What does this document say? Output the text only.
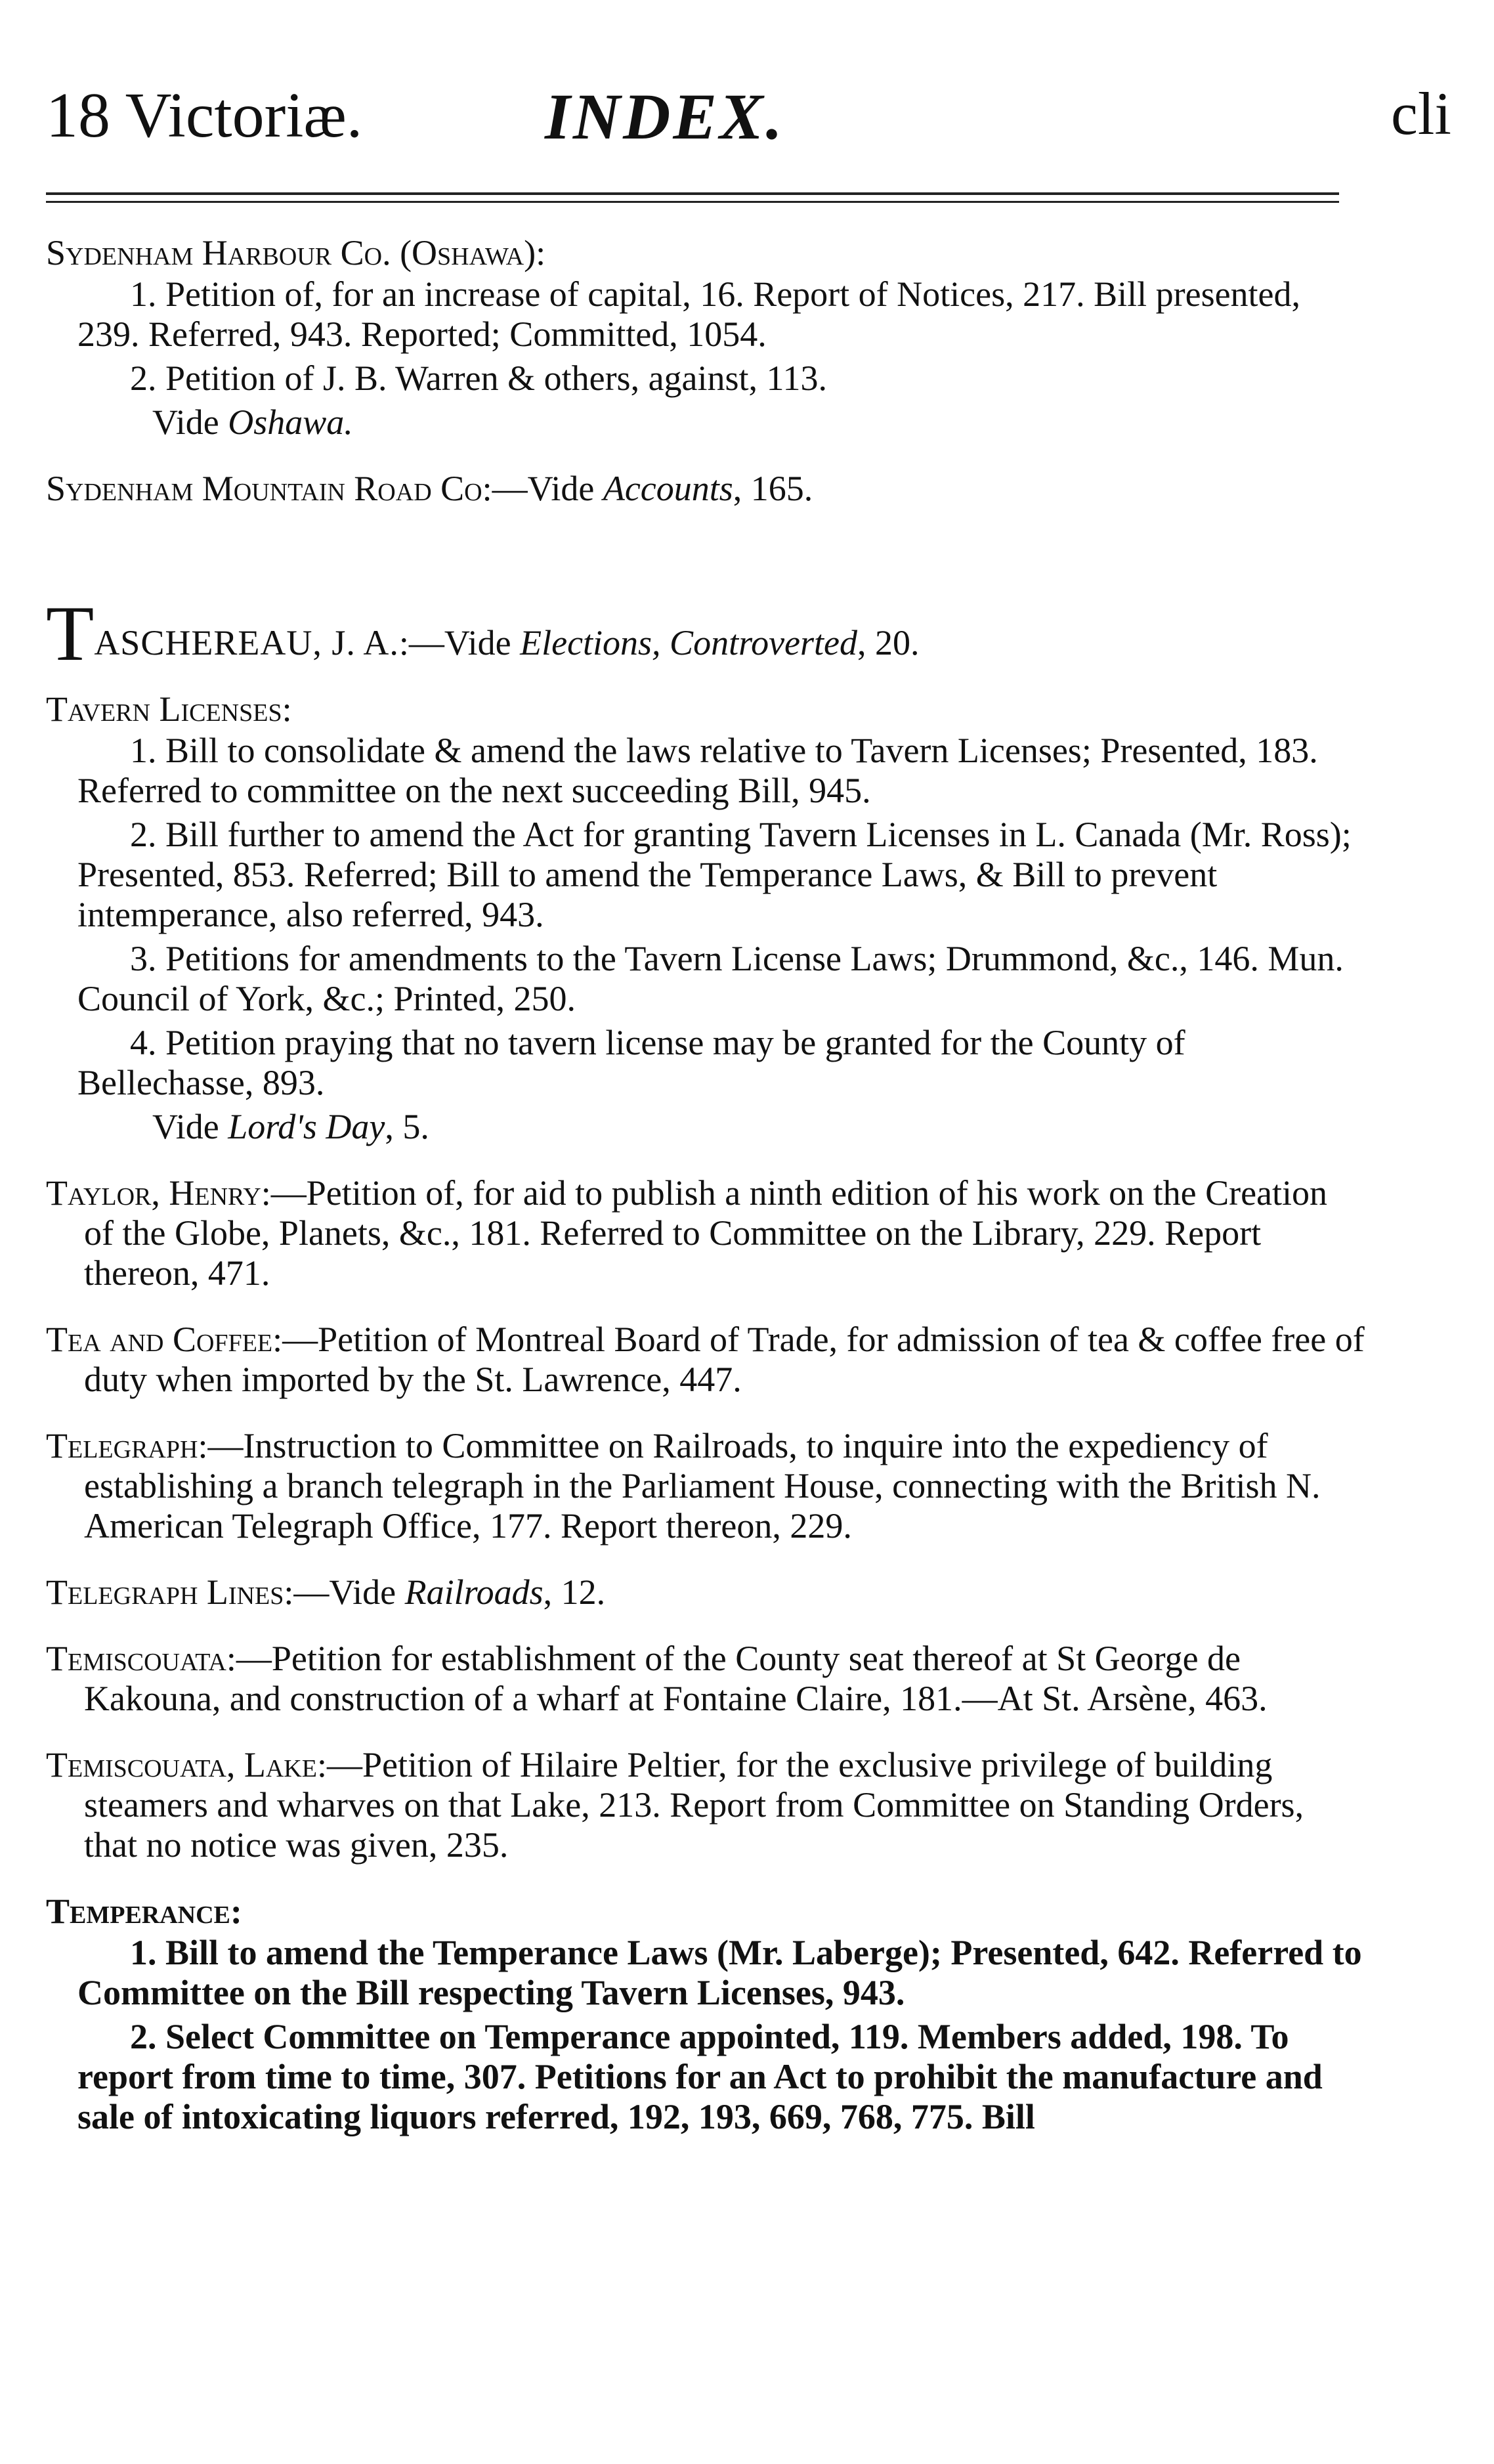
18 Victoriæ.	INDEX.	cli
Sydenham Harbour Co. (Oshawa):
1. Petition of, for an increase of capital, 16. Report of Notices, 217. Bill presented, 239. Referred, 943. Reported; Committed, 1054.
2. Petition of J. B. Warren & others, against, 113.
Vide Oshawa.
Sydenham Mountain Road Co:—Vide Accounts, 165.
TASCHEREAU, J. A.:—Vide Elections, Controverted, 20.
Tavern Licenses:
1. Bill to consolidate & amend the laws relative to Tavern Licenses; Presented, 183. Referred to committee on the next succeeding Bill, 945.
2. Bill further to amend the Act for granting Tavern Licenses in L. Canada (Mr. Ross); Presented, 853. Referred; Bill to amend the Temperance Laws, & Bill to prevent intemperance, also referred, 943.
3. Petitions for amendments to the Tavern License Laws; Drummond, &c., 146. Mun. Council of York, &c.; Printed, 250.
4. Petition praying that no tavern license may be granted for the County of Bellechasse, 893.
Vide Lord's Day, 5.
Taylor, Henry:—Petition of, for aid to publish a ninth edition of his work on the Creation of the Globe, Planets, &c., 181. Referred to Committee on the Library, 229. Report thereon, 471.
Tea and Coffee:—Petition of Montreal Board of Trade, for admission of tea & coffee free of duty when imported by the St. Lawrence, 447.
Telegraph:—Instruction to Committee on Railroads, to inquire into the expediency of establishing a branch telegraph in the Parliament House, connecting with the British N. American Telegraph Office, 177. Report thereon, 229.
Telegraph Lines:—Vide Railroads, 12.
Temiscouata:—Petition for establishment of the County seat thereof at St George de Kakouna, and construction of a wharf at Fontaine Claire, 181.—At St. Arsène, 463.
Temiscouata, Lake:—Petition of Hilaire Peltier, for the exclusive privilege of building steamers and wharves on that Lake, 213. Report from Committee on Standing Orders, that no notice was given, 235.
Temperance:
1. Bill to amend the Temperance Laws (Mr. Laberge); Presented, 642. Referred to Committee on the Bill respecting Tavern Licenses, 943.
2. Select Committee on Temperance appointed, 119. Members added, 198. To report from time to time, 307. Petitions for an Act to prohibit the manufacture and sale of intoxicating liquors referred, 192, 193, 669, 768, 775. Bill
